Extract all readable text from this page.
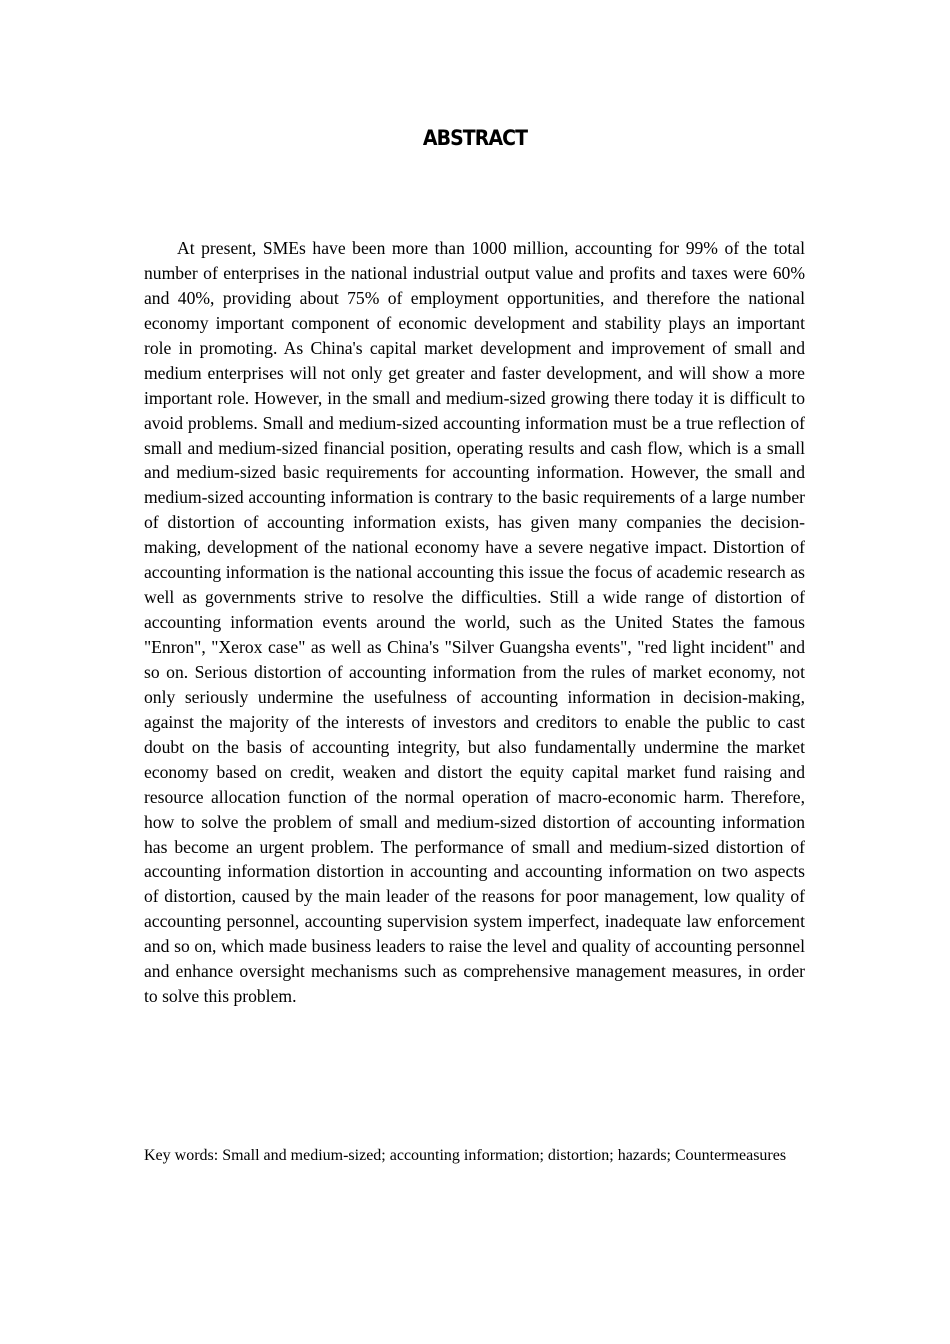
ABSTRACT

At present, SMEs have been more than 1000 million, accounting for 99% of the total number of enterprises in the national industrial output value and profits and taxes were 60% and 40%, providing about 75% of employment opportunities, and therefore the national economy important component of economic development and stability plays an important role in promoting. As China's capital market development and improvement of small and medium enterprises will not only get greater and faster development, and will show a more important role. However, in the small and medium-sized growing there today it is difficult to avoid problems. Small and medium-sized accounting information must be a true reflection of small and medium-sized financial position, operating results and cash flow, which is a small and medium-sized basic requirements for accounting information. However, the small and medium-sized accounting information is contrary to the basic requirements of a large number of distortion of accounting information exists, has given many companies the decision-making, development of the national economy have a severe negative impact. Distortion of accounting information is the national accounting this issue the focus of academic research as well as governments strive to resolve the difficulties. Still a wide range of distortion of accounting information events around the world, such as the United States the famous "Enron", "Xerox case" as well as China's "Silver Guangsha events", "red light incident" and so on. Serious distortion of accounting information from the rules of market economy, not only seriously undermine the usefulness of accounting information in decision-making, against the majority of the interests of investors and creditors to enable the public to cast doubt on the basis of accounting integrity, but also fundamentally undermine the market economy based on credit, weaken and distort the equity capital market fund raising and resource allocation function of the normal operation of macro-economic harm. Therefore, how to solve the problem of small and medium-sized distortion of accounting information has become an urgent problem. The performance of small and medium-sized distortion of accounting information distortion in accounting and accounting information on two aspects of distortion, caused by the main leader of the reasons for poor management, low quality of accounting personnel, accounting supervision system imperfect, inadequate law enforcement and so on, which made business leaders to raise the level and quality of accounting personnel and enhance oversight mechanisms such as comprehensive management measures, in order to solve this problem.

Key words: Small and medium-sized; accounting information; distortion; hazards; Countermeasures
